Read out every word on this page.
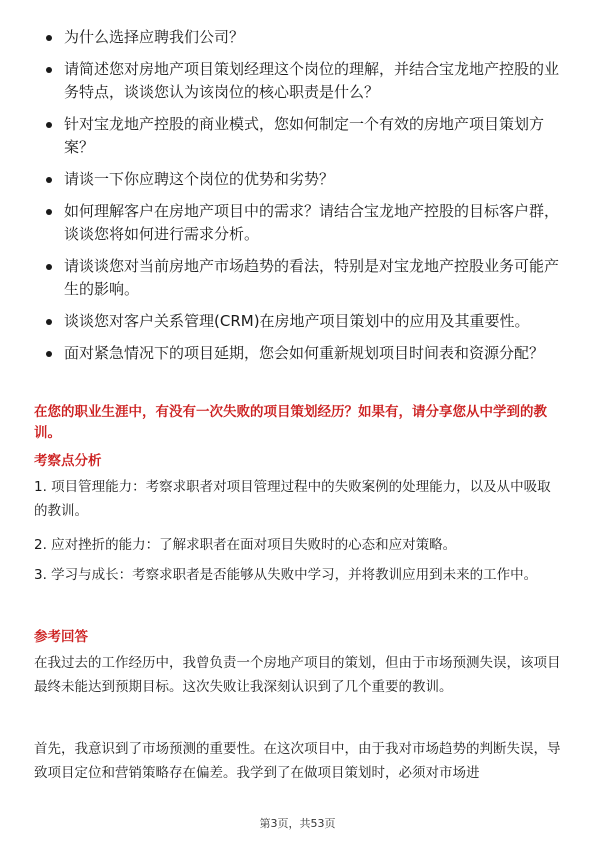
为什么选择应聘我们公司？
请简述您对房地产项目策划经理这个岗位的理解，并结合宝龙地产控股的业务特点，谈谈您认为该岗位的核心职责是什么？
针对宝龙地产控股的商业模式，您如何制定一个有效的房地产项目策划方案？
请谈一下你应聘这个岗位的优势和劣势？
如何理解客户在房地产项目中的需求？请结合宝龙地产控股的目标客户群，谈谈您将如何进行需求分析。
请谈谈您对当前房地产市场趋势的看法，特别是对宝龙地产控股业务可能产生的影响。
谈谈您对客户关系管理(CRM)在房地产项目策划中的应用及其重要性。
面对紧急情况下的项目延期，您会如何重新规划项目时间表和资源分配？
在您的职业生涯中，有没有一次失败的项目策划经历？如果有，请分享您从中学到的教训。
考察点分析
1. 项目管理能力：考察求职者对项目管理过程中的失败案例的处理能力，以及从中吸取的教训。
2. 应对挫折的能力：了解求职者在面对项目失败时的心态和应对策略。
3. 学习与成长：考察求职者是否能够从失败中学习，并将教训应用到未来的工作中。
参考回答
在我过去的工作经历中，我曾负责一个房地产项目的策划，但由于市场预测失误，该项目最终未能达到预期目标。这次失败让我深刻认识到了几个重要的教训。
首先，我意识到了市场预测的重要性。在这次项目中，由于我对市场趋势的判断失误，导致项目定位和营销策略存在偏差。我学到了在做项目策划时，必须对市场进
第3页，共53页
